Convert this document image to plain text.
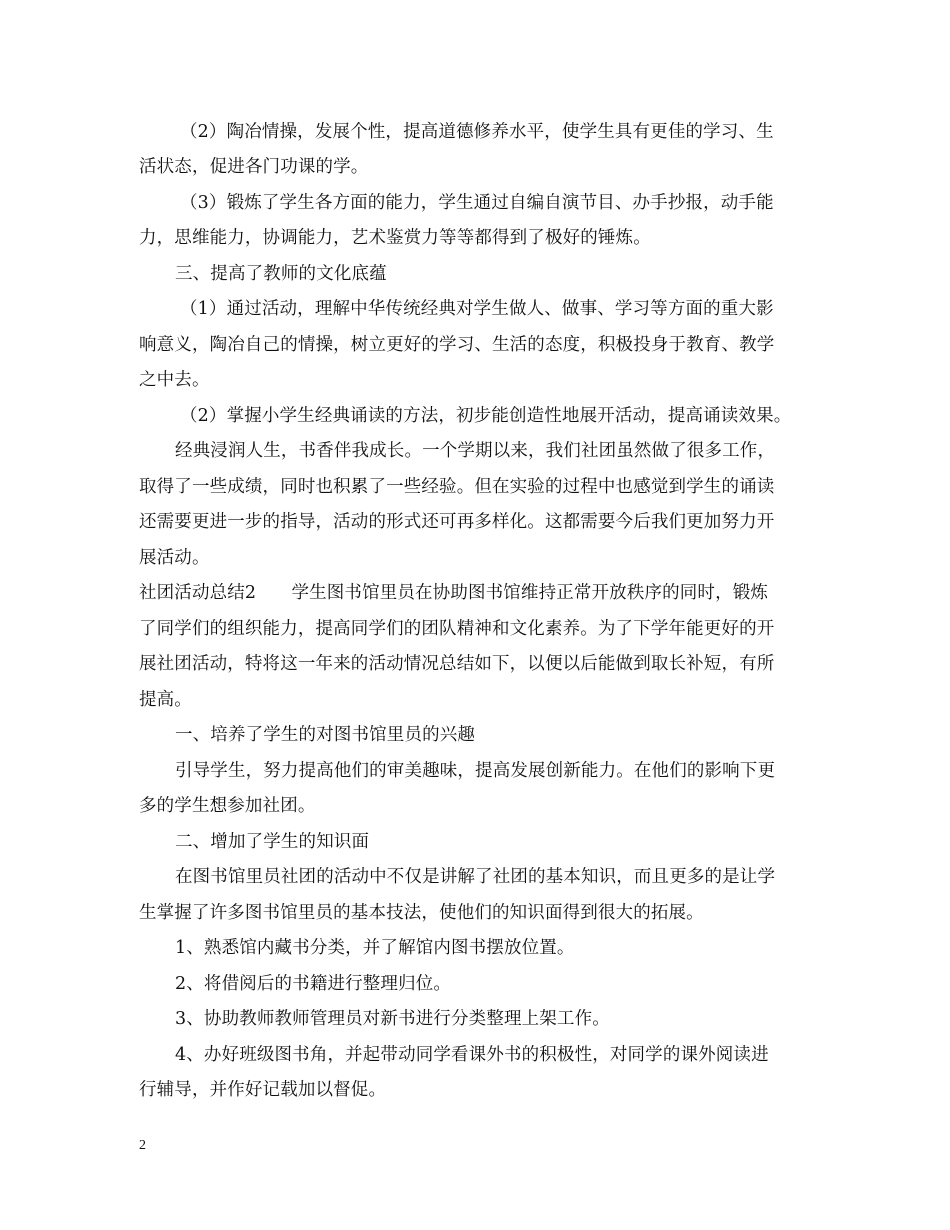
（2）陶冶情操，发展个性，提高道德修养水平，使学生具有更佳的学习、生
活状态，促进各门功课的学。
（3）锻炼了学生各方面的能力，学生通过自编自演节目、办手抄报，动手能
力，思维能力，协调能力，艺术鉴赏力等等都得到了极好的锤炼。
三、提高了教师的文化底蕴
（1）通过活动，理解中华传统经典对学生做人、做事、学习等方面的重大影
响意义，陶冶自己的情操，树立更好的学习、生活的态度，积极投身于教育、教学
之中去。
（2）掌握小学生经典诵读的方法，初步能创造性地展开活动，提高诵读效果。
经典浸润人生，书香伴我成长。一个学期以来，我们社团虽然做了很多工作，
取得了一些成绩，同时也积累了一些经验。但在实验的过程中也感觉到学生的诵读
还需要更进一步的指导，活动的形式还可再多样化。这都需要今后我们更加努力开
展活动。
社团活动总结2　　学生图书馆里员在协助图书馆维持正常开放秩序的同时，锻炼
了同学们的组织能力，提高同学们的团队精神和文化素养。为了下学年能更好的开
展社团活动，特将这一年来的活动情况总结如下，以便以后能做到取长补短，有所
提高。
一、培养了学生的对图书馆里员的兴趣
引导学生，努力提高他们的审美趣味，提高发展创新能力。在他们的影响下更
多的学生想参加社团。
二、增加了学生的知识面
在图书馆里员社团的活动中不仅是讲解了社团的基本知识，而且更多的是让学
生掌握了许多图书馆里员的基本技法，使他们的知识面得到很大的拓展。
1、熟悉馆内藏书分类，并了解馆内图书摆放位置。
2、将借阅后的书籍进行整理归位。
3、协助教师教师管理员对新书进行分类整理上架工作。
4、办好班级图书角，并起带动同学看课外书的积极性，对同学的课外阅读进
行辅导，并作好记载加以督促。
2
